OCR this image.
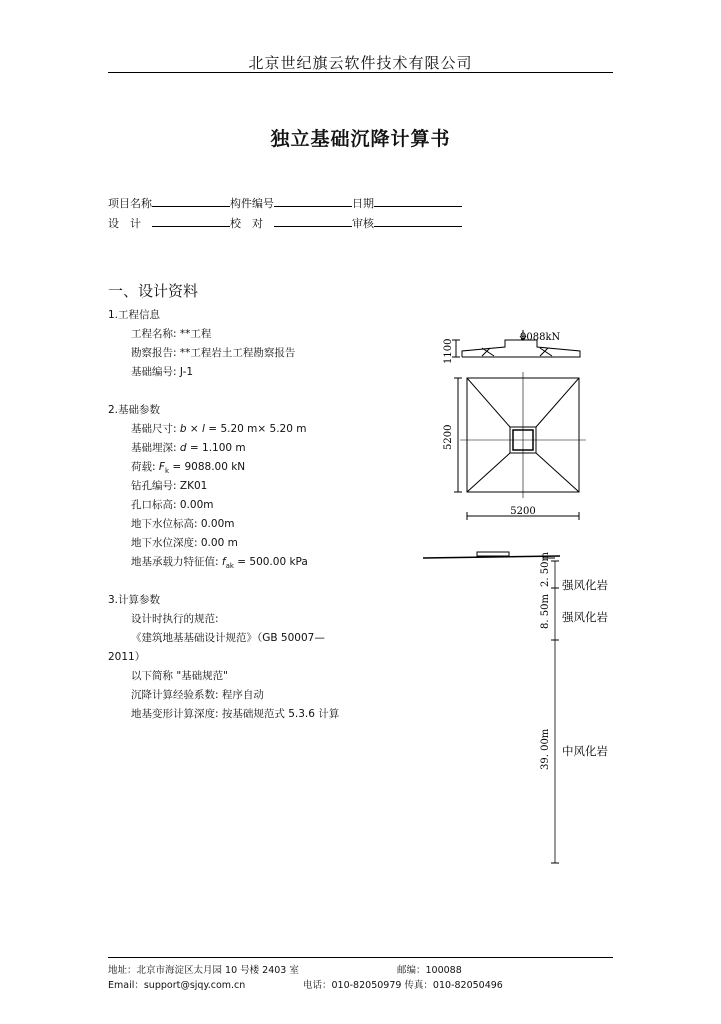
北京世纪旗云软件技术有限公司
独立基础沉降计算书
项目名称	构件编号	日期
设　计	校　对	审核
一、设计资料
1.工程信息
工程名称: **工程
勘察报告: **工程岩土工程勘察报告
基础编号: J-1
2.基础参数
基础尺寸: b × l = 5.20 m× 5.20 m
基础埋深: d = 1.100 m
荷载: $F_k = 9088.00$ kN
钻孔编号: ZK01
孔口标高: 0.00m
地下水位标高: 0.00m
地下水位深度: 0.00 m
地基承载力特征值: $f_{ak} = 500.00$ kPa
3.计算参数
设计时执行的规范:
《建筑地基基础设计规范》（GB 50007—
2011）
以下简称 "基础规范"
沉降计算经验系数: 程序自动
地基变形计算深度: 按基础规范式 5.3.6 计算
9088kN
1100
5200
5200
2. 50m
8. 50m
39. 00m
强风化岩
强风化岩
中风化岩
地址：北京市海淀区太月园 10 号楼 2403 室	邮编：100088
Email：support@sjqy.com.cn	电话：010-82050979 传真：010-82050496
